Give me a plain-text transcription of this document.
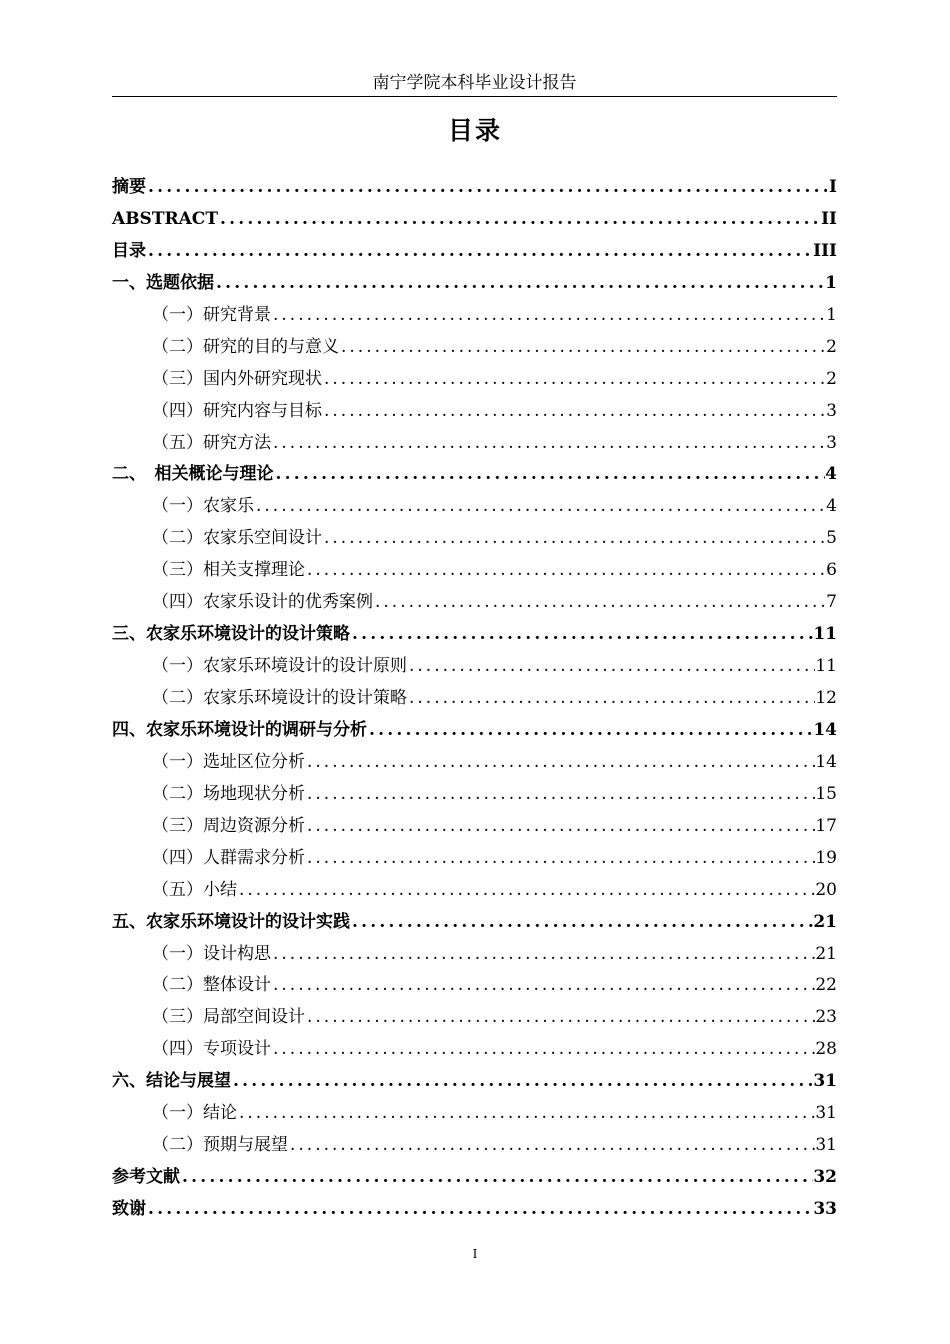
南宁学院本科毕业设计报告
目录
摘要 .....	I
ABSTRACT .....	II
目录 .....	III
一、选题依据 .....	1
（一）研究背景 .....	1
（二）研究的目的与意义 .....	2
（三）国内外研究现状 .....	2
（四）研究内容与目标 .....	3
（五）研究方法 .....	3
二、　相关概论与理论 .....	4
（一）农家乐 .....	4
（二）农家乐空间设计 .....	5
（三）相关支撑理论 .....	6
（四）农家乐设计的优秀案例 .....	7
三、农家乐环境设计的设计策略 .....	11
（一）农家乐环境设计的设计原则 .....	11
（二）农家乐环境设计的设计策略 .....	12
四、农家乐环境设计的调研与分析 .....	14
（一）选址区位分析 .....	14
（二）场地现状分析 .....	15
（三）周边资源分析 .....	17
（四）人群需求分析 .....	19
（五）小结 .....	20
五、农家乐环境设计的设计实践 .....	21
（一）设计构思 .....	21
（二）整体设计 .....	22
（三）局部空间设计 .....	23
（四）专项设计 .....	28
六、结论与展望 .....	31
（一）结论 .....	31
（二）预期与展望 .....	31
参考文献 .....	32
致谢 .....	33
I
